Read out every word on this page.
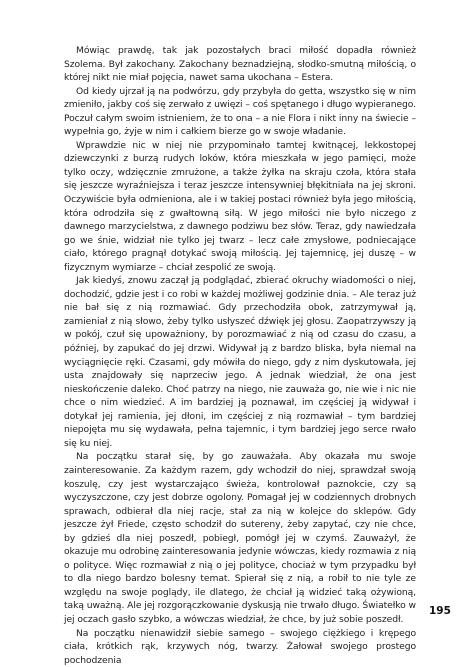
Mówiąc prawdę, tak jak pozostałych braci miłość dopadła również Szolema. Był zakochany. Zakochany beznadziejną, słodko-smutną miłością, o której nikt nie miał pojęcia, nawet sama ukochana – Estera.

Od kiedy ujrzał ją na podwórzu, gdy przybyła do getta, wszystko się w nim zmieniło, jakby coś się zerwało z uwięzi – coś spętanego i długo wypieranego. Poczuł całym swoim istnieniem, że to ona – a nie Flora i nikt inny na świecie – wypełnia go, żyje w nim i całkiem bierze go w swoje władanie.

Wprawdzie nic w niej nie przypominało tamtej kwitnącej, lekkostopej dziewczynki z burzą rudych loków, która mieszkała w jego pamięci, może tylko oczy, wdzięcznie zmrużone, a także żyłka na skraju czoła, która stała się jeszcze wyraźniejsza i teraz jeszcze intensywniej błękitniała na jej skroni. Oczywiście była odmieniona, ale i w takiej postaci również była jego miłością, która odrodziła się z gwałtowną siłą. W jego miłości nie było niczego z dawnego marzycielstwa, z dawnego podziwu bez słów. Teraz, gdy nawiedzała go we śnie, widział nie tylko jej twarz – lecz całe zmysłowe, podniecające ciało, którego pragnął dotykać swoją miłością. Jej tajemnicę, jej duszę – w fizycznym wymiarze – chciał zespolić ze swoją.

Jak kiedyś, znowu zaczął ją podglądać, zbierać okruchy wiadomości o niej, dochodzić, gdzie jest i co robi w każdej możliwej godzinie dnia. – Ale teraz już nie bał się z nią rozmawiać. Gdy przechodziła obok, zatrzymywał ją, zamieniał z nią słowo, żeby tylko usłyszeć dźwięk jej głosu. Zaopatrzywszy ją w pokój, czuł się upoważniony, by porozmawiać z nią od czasu do czasu, a później, by zapukać do jej drzwi. Widywał ją z bardzo bliska, była niemal na wyciągnięcie ręki. Czasami, gdy mówiła do niego, gdy z nim dyskutowała, jej usta znajdowały się naprzeciw jego. A jednak wiedział, że ona jest nieskończenie daleko. Choć patrzy na niego, nie zauważa go, nie wie i nic nie chce o nim wiedzieć. A im bardziej ją poznawał, im częściej ją widywał i dotykał jej ramienia, jej dłoni, im częściej z nią rozmawiał – tym bardziej niepojęta mu się wydawała, pełna tajemnic, i tym bardziej jego serce rwało się ku niej.

Na początku starał się, by go zauważała. Aby okazała mu swoje zainteresowanie. Za każdym razem, gdy wchodził do niej, sprawdzał swoją koszulę, czy jest wystarczająco świeża, kontrolował paznokcie, czy są wyczyszczone, czy jest dobrze ogolony. Pomagał jej w codziennych drobnych sprawach, odbierał dla niej racje, stał za nią w kolejce do sklepów. Gdy jeszcze żył Friede, często schodził do sutereny, żeby zapytać, czy nie chce, by gdzieś dla niej poszedł, pobiegł, pomógł jej w czymś. Zauważył, że okazuje mu odrobinę zainteresowania jedynie wówczas, kiedy rozmawia z nią o polityce. Więc rozmawiał z nią o jej polityce, chociaż w tym przypadku był to dla niego bardzo bolesny temat. Spierał się z nią, a robił to nie tyle ze względu na swoje poglądy, ile dlatego, że chciał ją widzieć taką ożywioną, taką uważną. Ale jej rozgorączkowanie dyskusją nie trwało długo. Światełko w jej oczach gasło szybko, a wówczas wiedział, że chce, by już sobie poszedł.

Na początku nienawidził siebie samego – swojego ciężkiego i krępego ciała, krótkich rąk, krzywych nóg, twarzy. Żałował swojego prostego pochodzenia

195
